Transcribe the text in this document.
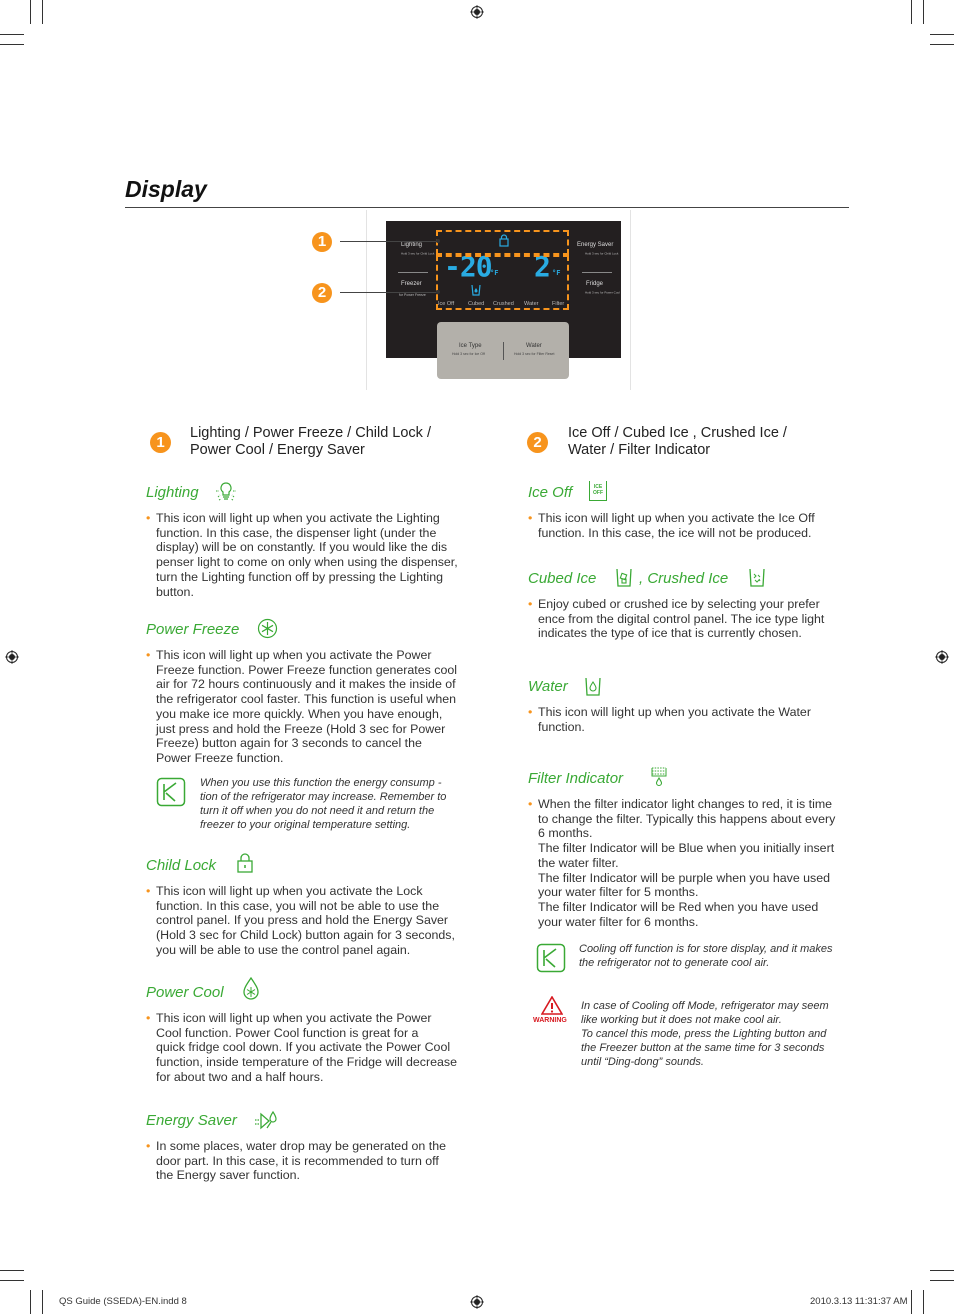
Display
Lighting
Hold 3 sec for Child Lock
Freezer
for Power Freeze
Energy Saver
Hold 3 sec for Child Lock
Fridge
Hold 3 sec for Power Cool
-20
°F 2 °F
Ice Off	Cubed Crushed Water Filter
Ice Type
Hold 3 sec for Ice Off
Water
Hold 3 sec for Filter Reset
1
2
1
Lighting / Power Freeze / Child Lock /
Power Cool / Energy Saver	2
Ice Off / Cubed Ice , Crushed Ice /
Water / Filter Indicator
Lighting
• This icon will light up when you activate the Lighting
function. In this case, the dispenser light (under the
display) will be on constantly. If you would like the dis
penser light to come on only when using the dispenser,
turn the Lighting function off by pressing the Lighting
button.
Power Freeze
• This icon will light up when you activate the Power
Freeze function. Power Freeze function generates cool
air for 72 hours continuously and it makes the inside of
the refrigerator cool faster. This function is useful when
you make ice more quickly. When you have enough,
just press and hold the Freeze (Hold 3 sec for Power
Freeze) button again for 3 seconds to cancel the
Power Freeze function.
When you use this function the energy consump -
tion of the refrigerator may increase. Remember to
turn it off when you do not need it and return the
freezer to your original temperature setting.
Child Lock
• This icon will light up when you activate the Lock
function. In this case, you will not be able to use the
control panel. If you press and hold the Energy Saver
(Hold 3 sec for Child Lock) button again for 3 seconds,
you will be able to use the control panel again.
Power Cool
• This icon will light up when you activate the Power
Cool function. Power Cool function is great for a
quick fridge cool down. If you activate the Power Cool
function, inside temperature of the Fridge will decrease
for about two and a half hours.
Energy Saver
• In some places, water drop may be generated on the
door part. In this case, it is recommended to turn off
the Energy saver function.
Ice Off	ICE OFF
• This icon will light up when you activate the Ice Off
function. In this case, the ice will not be produced.
Cubed Ice	, Crushed Ice
• Enjoy cubed or crushed ice by selecting your prefer
ence from the digital control panel. The ice type light
indicates the type of ice that is currently chosen.
Water
• This icon will light up when you activate the Water
function.
Filter Indicator
• When the filter indicator light changes to red, it is time
to change the filter. Typically this happens about every
6 months.
The filter Indicator will be Blue when you initially insert
the water filter.
The filter Indicator will be purple when you have used
your water filter for 5 months.
The filter Indicator will be Red when you have used
your water filter for 6 months.
Cooling off function is for store display, and it makes
the refrigerator not to generate cool air.
WARNING
In case of Cooling off Mode, refrigerator may seem
like working but it does not make cool air.
To cancel this mode, press the Lighting button and
the Freezer button at the same time for 3 seconds
until “Ding-dong” sounds.
QS Guide (SSEDA)-EN.indd 8	2010.3.13 11:31:37 AM
